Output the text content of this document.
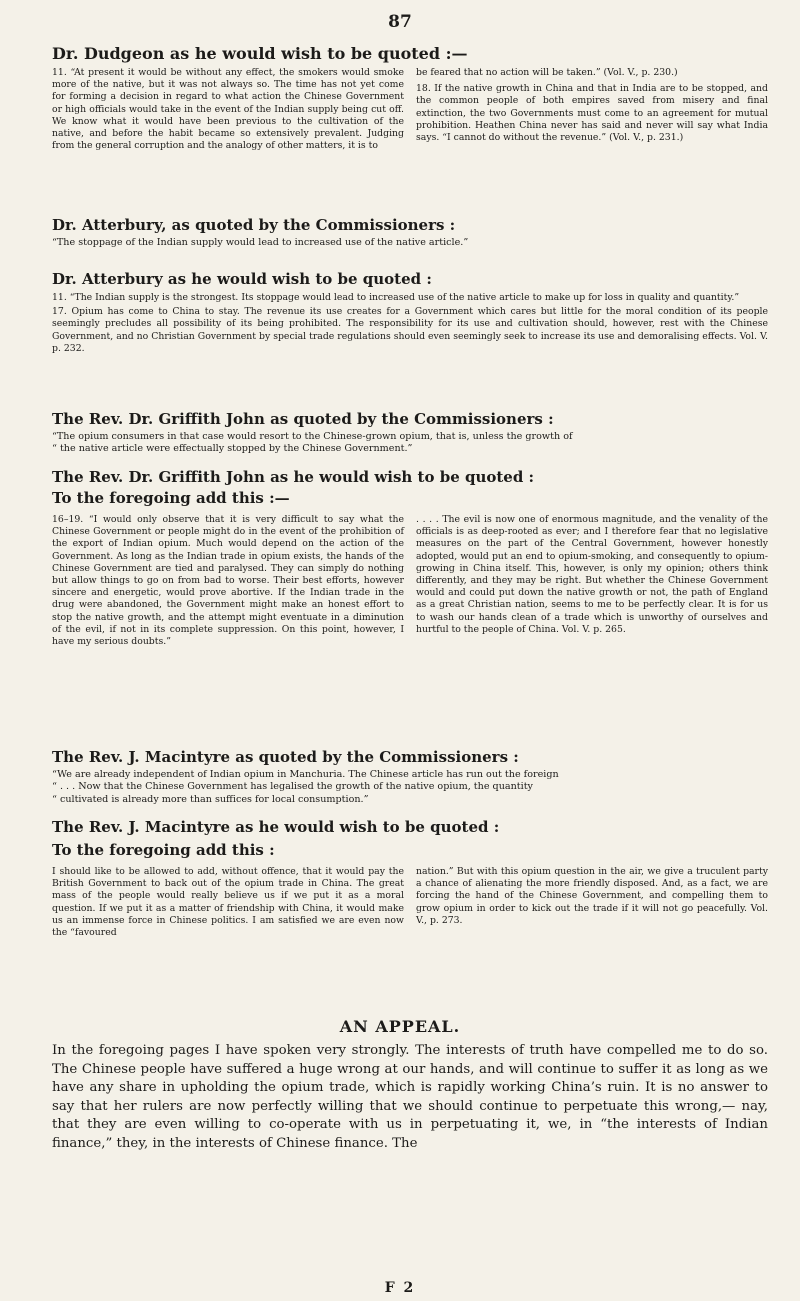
87
Dr. Dudgeon as he would wish to be quoted :—

11. “At present it would be without any effect, the smokers would smoke more of the native, but it was not always so. The time has not yet come for forming a decision in regard to what action the Chinese Government or high officials would take in the event of the Indian supply being cut off. We know what it would have been previous to the cultivation of the native, and before the habit became so extensively prevalent. Judging from the general corruption and the analogy of other matters, it is to

be feared that no action will be taken.” (Vol. V., p. 230.)

18. If the native growth in China and that in India are to be stopped, and the common people of both empires saved from misery and final extinction, the two Governments must come to an agreement for mutual prohibition. Heathen China never has said and never will say what India says. “I cannot do without the revenue.” (Vol. V., p. 231.)

Dr. Atterbury, as quoted by the Commissioners :

“The stoppage of the Indian supply would lead to increased use of the native article.”

Dr. Atterbury as he would wish to be quoted :

11. “The Indian supply is the strongest. Its stoppage would lead to increased use of the native article to make up for loss in quality and quantity.”

17. Opium has come to China to stay. The revenue its use creates for a Government which cares but little for the moral condition of its people seemingly precludes all possibility of its being prohibited. The responsibility for its use and cultivation should, however, rest with the Chinese Government, and no Christian Government by special trade regulations should even seemingly seek to increase its use and demoralising effects. Vol. V. p. 232.

The Rev. Dr. Griffith John as quoted by the Commissioners :

“The opium consumers in that case would resort to the Chinese-grown opium, that is, unless the growth of

“ the native article were effectually stopped by the Chinese Government.”

The Rev. Dr. Griffith John as he would wish to be quoted :
To the foregoing add this :—

16–19. “I would only observe that it is very difficult to say what the Chinese Government or people might do in the event of the prohibition of the export of Indian opium. Much would depend on the action of the Government. As long as the Indian trade in opium exists, the hands of the Chinese Government are tied and paralysed. They can simply do nothing but allow things to go on from bad to worse. Their best efforts, however sincere and energetic, would prove abortive. If the Indian trade in the drug were abandoned, the Government might make an honest effort to stop the native growth, and the attempt might eventuate in a diminution of the evil, if not in its complete suppression. On this point, however, I have my serious doubts.”

. . . . The evil is now one of enormous magnitude, and the venality of the officials is as deep-rooted as ever; and I therefore fear that no legislative measures on the part of the Central Government, however honestly adopted, would put an end to opium-smoking, and consequently to opium-growing in China itself. This, however, is only my opinion; others think differently, and they may be right. But whether the Chinese Government would and could put down the native growth or not, the path of England as a great Christian nation, seems to me to be perfectly clear. It is for us to wash our hands clean of a trade which is unworthy of ourselves and hurtful to the people of China. Vol. V. p. 265.

The Rev. J. Macintyre as quoted by the Commissioners :

“We are already independent of Indian opium in Manchuria. The Chinese article has run out the foreign

“ . . . Now that the Chinese Government has legalised the growth of the native opium, the quantity

“ cultivated is already more than suffices for local consumption.”

The Rev. J. Macintyre as he would wish to be quoted :
To the foregoing add this :

I should like to be allowed to add, without offence, that it would pay the British Government to back out of the opium trade in China. The great mass of the people would really believe us if we put it as a moral question. If we put it as a matter of friendship with China, it would make us an immense force in Chinese politics. I am satisfied we are even now the “favoured

nation.” But with this opium question in the air, we give a truculent party a chance of alienating the more friendly disposed. And, as a fact, we are forcing the hand of the Chinese Government, and compelling them to grow opium in order to kick out the trade if it will not go peacefully. Vol. V., p. 273.

AN APPEAL.

In the foregoing pages I have spoken very strongly. The interests of truth have compelled me to do so. The Chinese people have suffered a huge wrong at our hands, and will continue to suffer it as long as we have any share in upholding the opium trade, which is rapidly working China’s ruin. It is no answer to say that her rulers are now perfectly willing that we should continue to perpetuate this wrong,— nay, that they are even willing to co-operate with us in perpetuating it, we, in “the interests of Indian finance,” they, in the interests of Chinese finance. The

F 2
